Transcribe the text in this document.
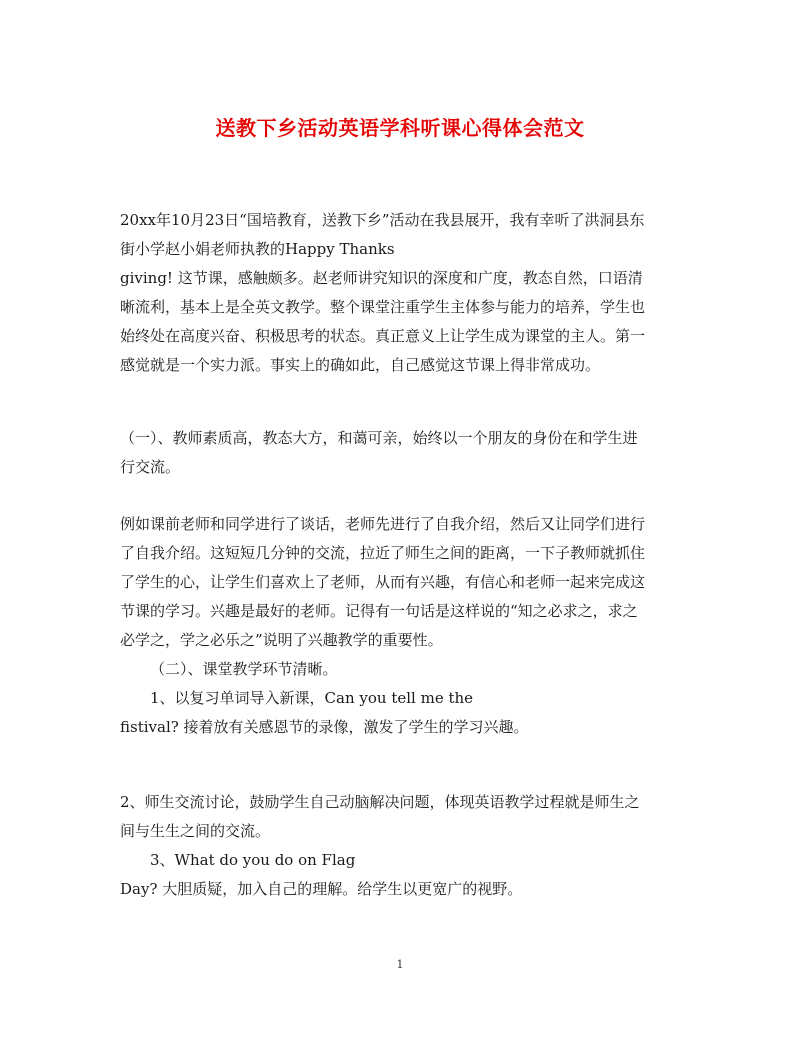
送教下乡活动英语学科听课心得体会范文
20xx年10月23日“国培教育，送教下乡”活动在我县展开，我有幸听了洪洞县东
街小学赵小娟老师执教的Happy Thanks
giving! 这节课，感触颇多。赵老师讲究知识的深度和广度，教态自然，口语清
晰流利，基本上是全英文教学。整个课堂注重学生主体参与能力的培养，学生也
始终处在高度兴奋、积极思考的状态。真正意义上让学生成为课堂的主人。第一
感觉就是一个实力派。事实上的确如此，自己感觉这节课上得非常成功。
（一）、教师素质高，教态大方，和蔼可亲，始终以一个朋友的身份在和学生进
行交流。
例如课前老师和同学进行了谈话，老师先进行了自我介绍，然后又让同学们进行
了自我介绍。这短短几分钟的交流，拉近了师生之间的距离，一下子教师就抓住
了学生的心，让学生们喜欢上了老师，从而有兴趣，有信心和老师一起来完成这
节课的学习。兴趣是最好的老师。记得有一句话是这样说的“知之必求之，求之
必学之，学之必乐之”说明了兴趣教学的重要性。
（二）、课堂教学环节清晰。
1、以复习单词导入新课，Can you tell me the
fistival? 接着放有关感恩节的录像，激发了学生的学习兴趣。
2、师生交流讨论，鼓励学生自己动脑解决问题，体现英语教学过程就是师生之
间与生生之间的交流。
3、What do you do on Flag
Day? 大胆质疑，加入自己的理解。给学生以更宽广的视野。
1
